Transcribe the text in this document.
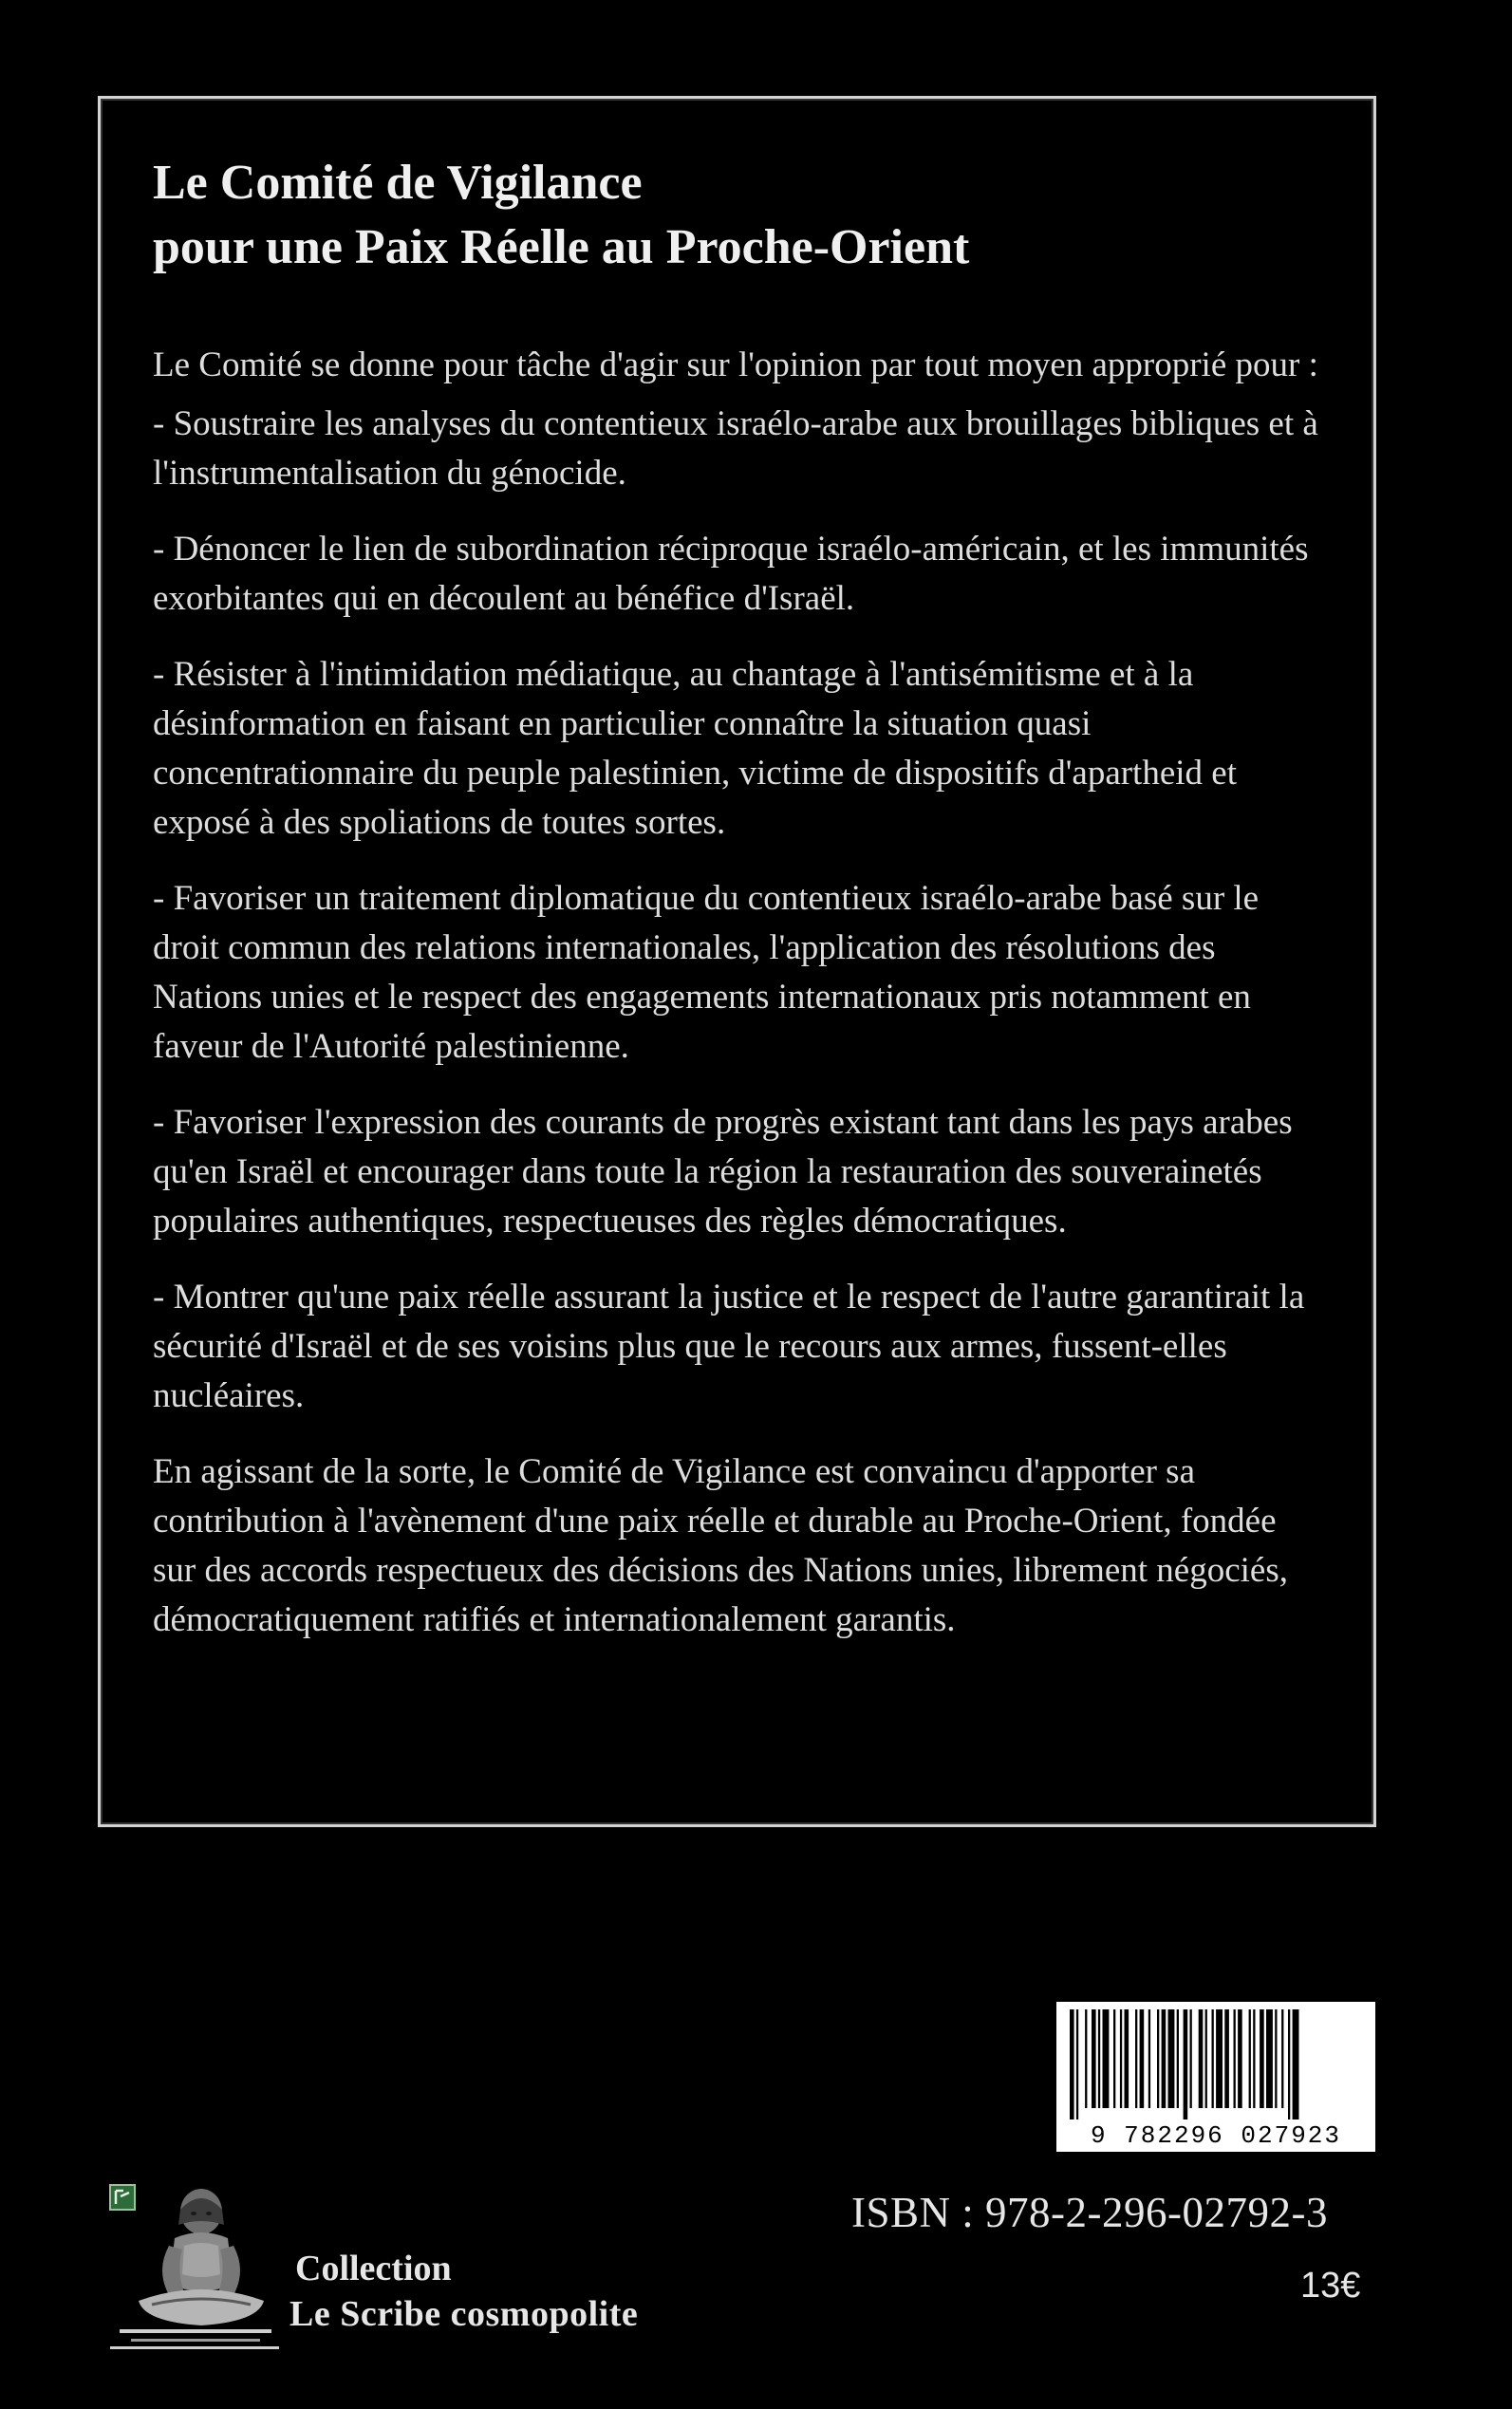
Le Comité de Vigilance
pour une Paix Réelle au Proche-Orient

Le Comité se donne pour tâche d'agir sur l'opinion par tout moyen approprié pour :

- Soustraire les analyses du contentieux israélo-arabe aux brouillages bibliques et à l'instrumentalisation du génocide.

- Dénoncer le lien de subordination réciproque israélo-américain, et les immunités exorbitantes qui en découlent au bénéfice d'Israël.

- Résister à l'intimidation médiatique, au chantage à l'antisémitisme et à la désinformation en faisant en particulier connaître la situation quasi concentrationnaire du peuple palestinien, victime de dispositifs d'apartheid et exposé à des spoliations de toutes sortes.

- Favoriser un traitement diplomatique du contentieux israélo-arabe basé sur le droit commun des relations internationales, l'application des résolutions des Nations unies et le respect des engagements internationaux pris notamment en faveur de l'Autorité palestinienne.

- Favoriser l'expression des courants de progrès existant tant dans les pays arabes qu'en Israël et encourager dans toute la région la restauration des souverainetés populaires authentiques, respectueuses des règles démocratiques.

- Montrer qu'une paix réelle assurant la justice et le respect de l'autre garantirait la sécurité d'Israël et de ses voisins plus que le recours aux armes, fussent-elles nucléaires.

En agissant de la sorte, le Comité de Vigilance est convaincu d'apporter sa contribution à l'avènement d'une paix réelle et durable au Proche-Orient, fondée sur des accords respectueux des décisions des Nations unies, librement négociés, démocratiquement ratifiés et internationalement garantis.

9 782296 027923
Collection
Le Scribe cosmopolite
ISBN : 978-2-296-02792-3
13€
